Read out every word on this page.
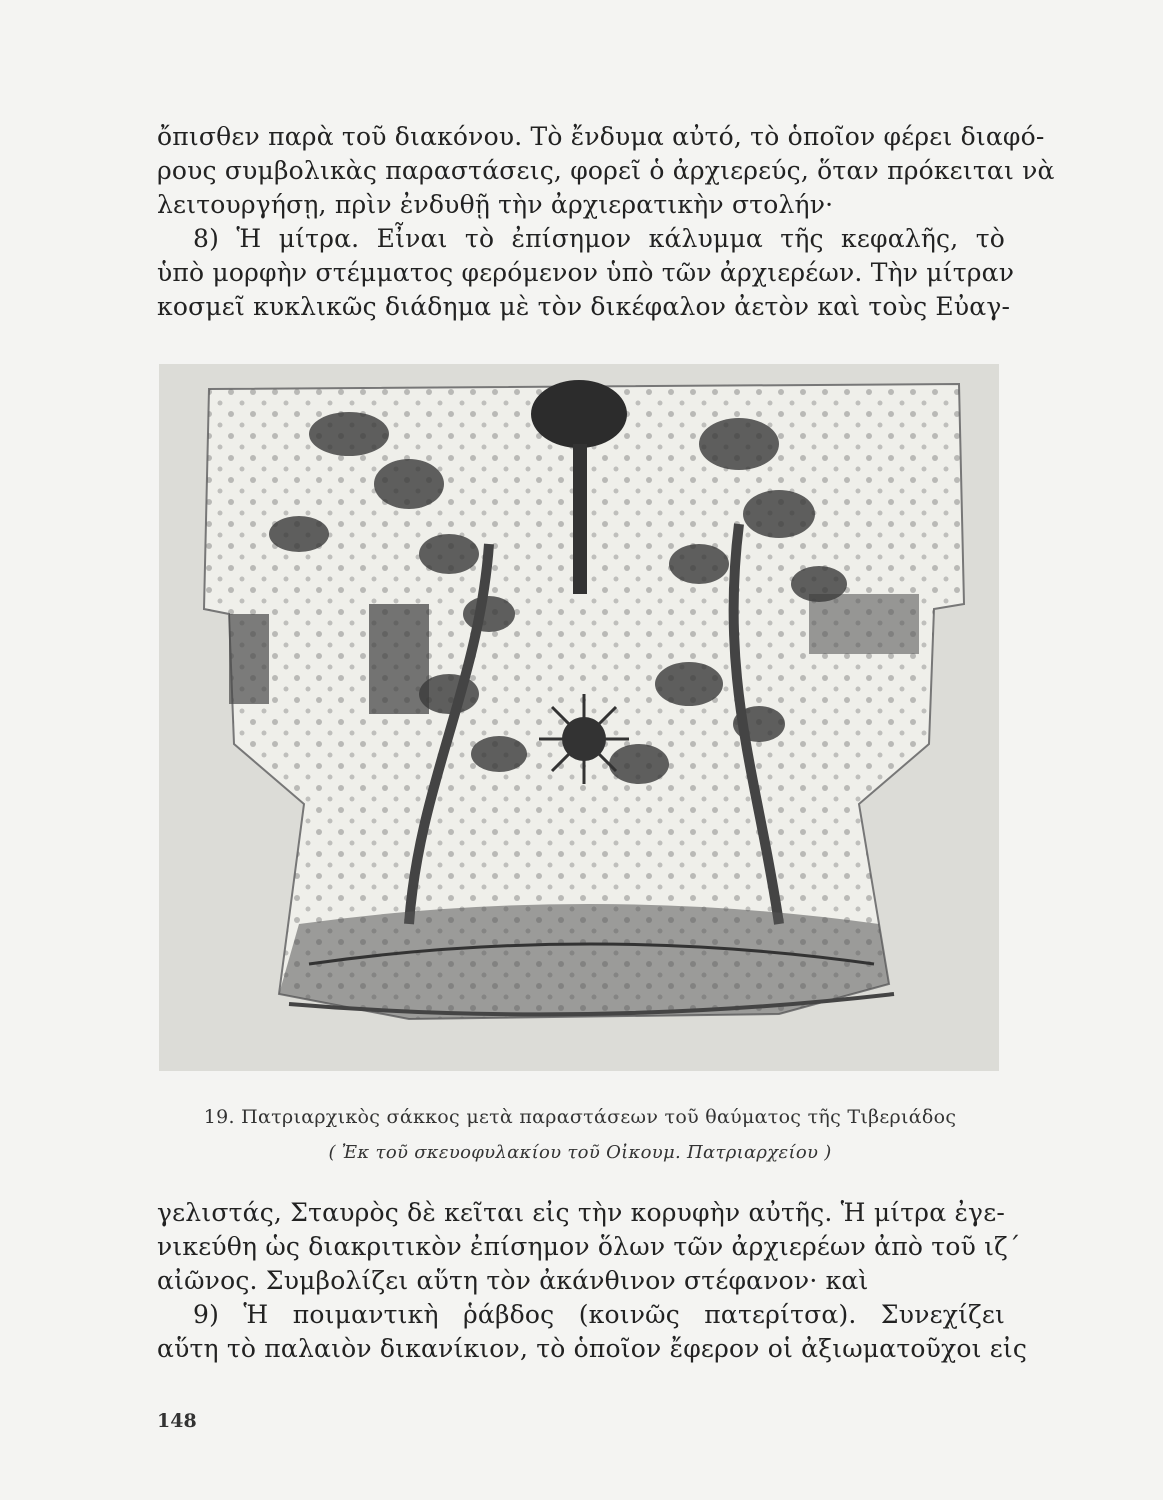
ὄπισθεν παρὰ τοῦ διακόνου. Τὸ ἔνδυμα αὐτό, τὸ ὁποῖον φέρει διαφό-
ρους συμβολικὰς παραστάσεις, φορεῖ ὁ ἀρχιερεύς, ὅταν πρόκειται νὰ
λειτουργήσῃ, πρὶν ἐνδυθῇ τὴν ἀρχιερατικὴν στολήν·
8) Ἡ μίτρα. Εἶναι τὸ ἐπίσημον κάλυμμα τῆς κεφαλῆς, τὸ
ὑπὸ μορφὴν στέμματος φερόμενον ὑπὸ τῶν ἀρχιερέων. Τὴν μίτραν
κοσμεῖ κυκλικῶς διάδημα μὲ τὸν δικέφαλον ἀετὸν καὶ τοὺς Εὐαγ-
19. Πατριαρχικὸς σάκκος μετὰ παραστάσεων τοῦ θαύματος τῆς Τιβεριάδος
( Ἐκ τοῦ σκευοφυλακίου τοῦ Οἰκουμ. Πατριαρχείου )
γελιστάς, Σταυρὸς δὲ κεῖται εἰς τὴν κορυφὴν αὐτῆς. Ἡ μίτρα ἐγε-
νικεύθη ὡς διακριτικὸν ἐπίσημον ὅλων τῶν ἀρχιερέων ἀπὸ τοῦ ιζ΄
αἰῶνος. Συμβολίζει αὕτη τὸν ἀκάνθινον στέφανον· καὶ
9) Ἡ ποιμαντικὴ ῥάβδος (κοινῶς πατερίτσα). Συνεχίζει
αὕτη τὸ παλαιὸν δικανίκιον, τὸ ὁποῖον ἔφερον οἱ ἀξιωματοῦχοι εἰς
148
